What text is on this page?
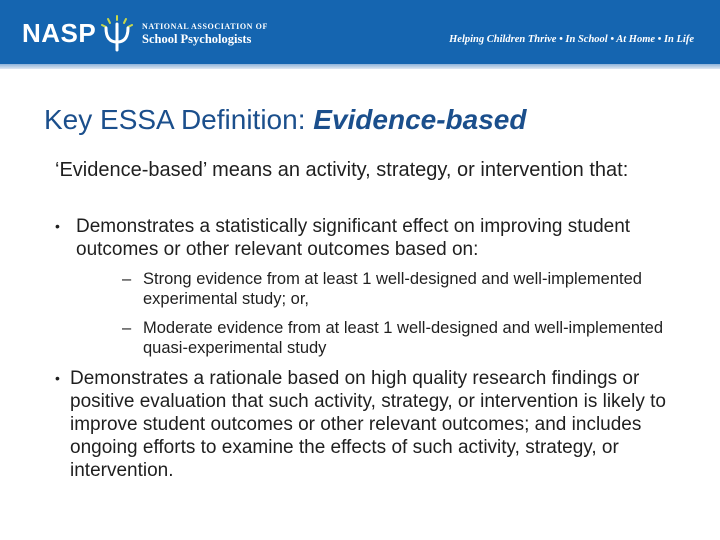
NASP	NATIONAL ASSOCIATION OF
School Psychologists	Helping Children Thrive • In School • At Home • In Life
Key ESSA Definition: Evidence-based
‘Evidence-based’ means an activity, strategy, or intervention that:
• Demonstrates a statistically significant effect on improving student outcomes or other relevant outcomes based on:
– Strong evidence from at least 1 well-designed and well-implemented experimental study; or,
– Moderate evidence from at least 1 well-designed and well-implemented quasi-experimental study
• Demonstrates a rationale based on high quality research findings or positive evaluation that such activity, strategy, or intervention is likely to improve student outcomes or other relevant outcomes; and includes ongoing efforts to examine the effects of such activity, strategy, or intervention.
